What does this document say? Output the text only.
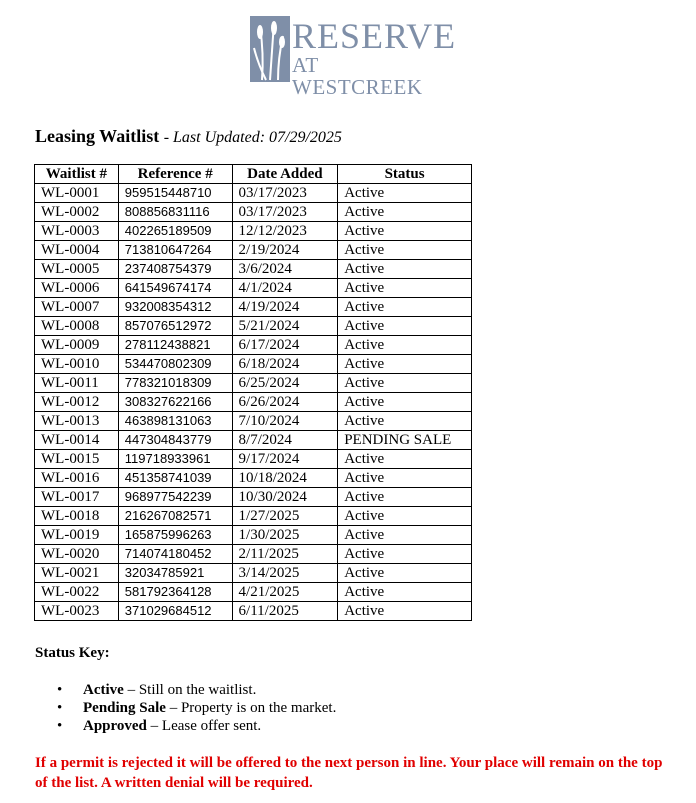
RESERVE
AT WESTCREEK
Leasing Waitlist - Last Updated: 07/29/2025
Waitlist #	Reference #	Date Added	Status
WL-0001	959515448710	03/17/2023	Active
WL-0002	808856831116	03/17/2023	Active
WL-0003	402265189509	12/12/2023	Active
WL-0004	713810647264	2/19/2024	Active
WL-0005	237408754379	3/6/2024	Active
WL-0006	641549674174	4/1/2024	Active
WL-0007	932008354312	4/19/2024	Active
WL-0008	857076512972	5/21/2024	Active
WL-0009	278112438821	6/17/2024	Active
WL-0010	534470802309	6/18/2024	Active
WL-0011	778321018309	6/25/2024	Active
WL-0012	308327622166	6/26/2024	Active
WL-0013	463898131063	7/10/2024	Active
WL-0014	447304843779	8/7/2024	PENDING SALE
WL-0015	119718933961	9/17/2024	Active
WL-0016	451358741039	10/18/2024	Active
WL-0017	968977542239	10/30/2024	Active
WL-0018	216267082571	1/27/2025	Active
WL-0019	165875996263	1/30/2025	Active
WL-0020	714074180452	2/11/2025	Active
WL-0021	32034785921	3/14/2025	Active
WL-0022	581792364128	4/21/2025	Active
WL-0023	371029684512	6/11/2025	Active
Status Key:
• Active – Still on the waitlist.
• Pending Sale – Property is on the market.
• Approved – Lease offer sent.
If a permit is rejected it will be offered to the next person in line. Your place will remain on the top of the list. A written denial will be required.
